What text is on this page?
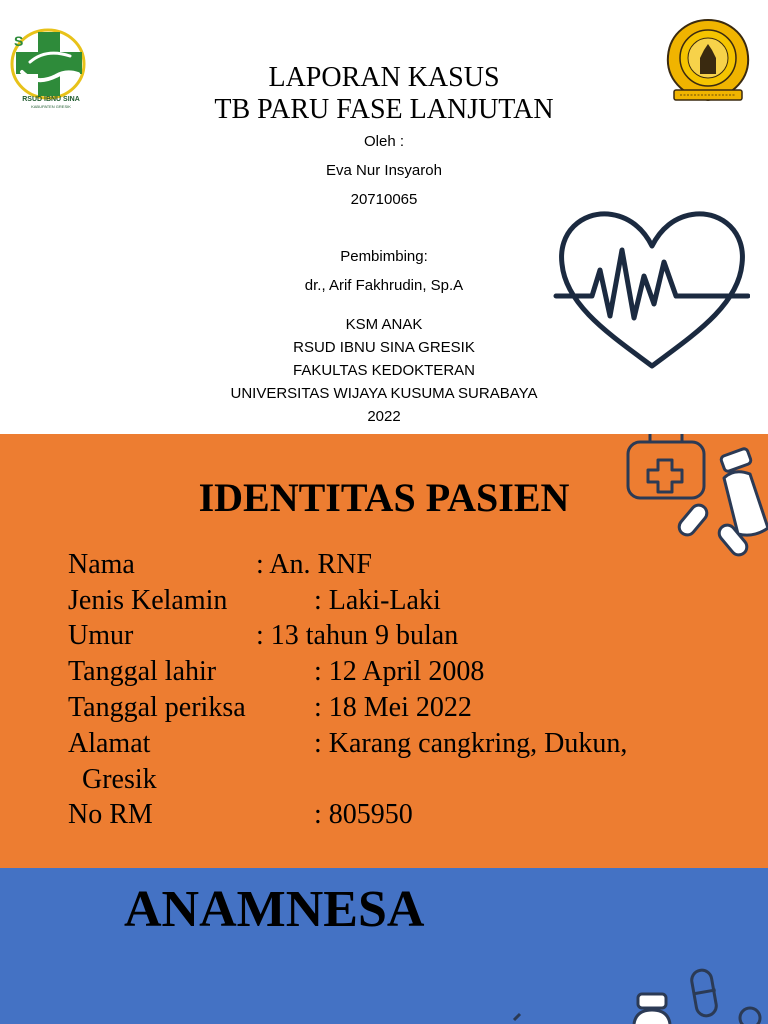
S
RSUD IBNU SINA
KABUPATEN GRESIK
LAPORAN KASUS
TB PARU FASE LANJUTAN
Oleh :
Eva Nur Insyaroh
20710065
Pembimbing:
dr., Arif Fakhrudin, Sp.A
KSM ANAK
RSUD IBNU SINA GRESIK
FAKULTAS KEDOKTERAN
UNIVERSITAS WIJAYA KUSUMA SURABAYA
2022
IDENTITAS PASIEN
Nama	: An. RNF
Jenis Kelamin	: Laki-Laki
Umur	: 13 tahun 9 bulan
Tanggal lahir	: 12 April 2008
Tanggal periksa : 18 Mei 2022
Alamat	: Karang cangkring, Dukun,
Gresik
No RM	: 805950
ANAMNESA
